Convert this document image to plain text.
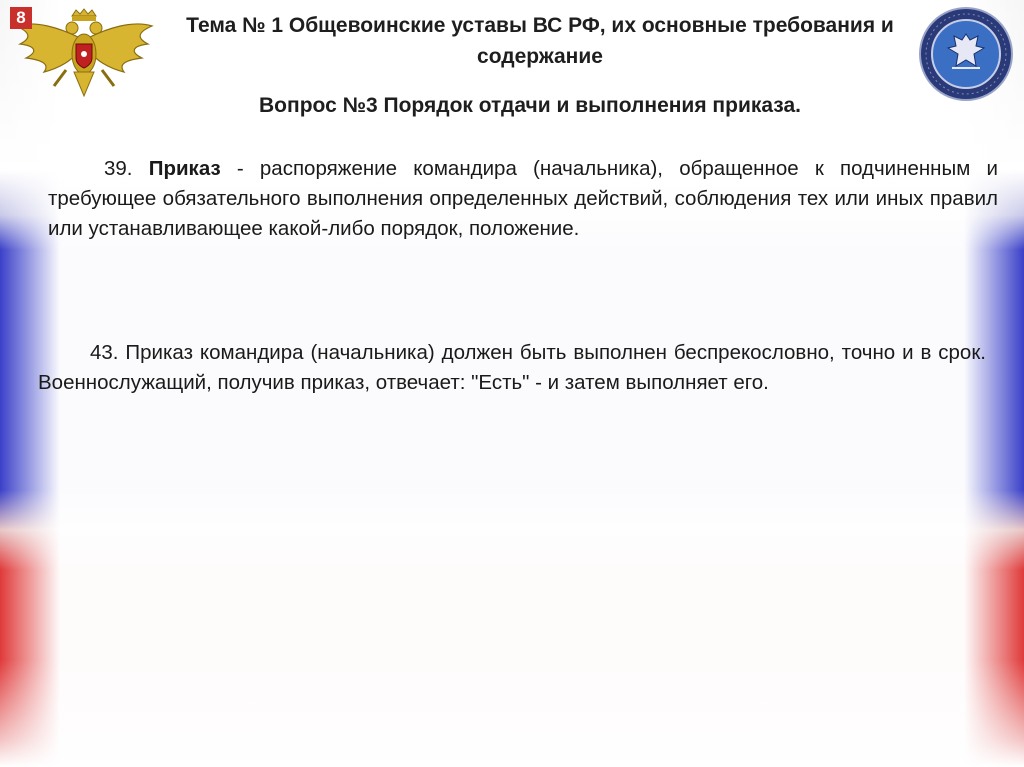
8	Тема № 1 Общевоинские уставы ВС РФ, их основные требования и содержание
Вопрос №3 Порядок отдачи и выполнения приказа.
39. Приказ - распоряжение командира (начальника), обращенное к подчиненным и требующее обязательного выполнения определенных действий, соблюдения тех или иных правил или устанавливающее какой-либо порядок, положение.
43. Приказ командира (начальника) должен быть выполнен беспрекословно, точно и в срок. Военнослужащий, получив приказ, отвечает: "Есть" - и затем выполняет его.
